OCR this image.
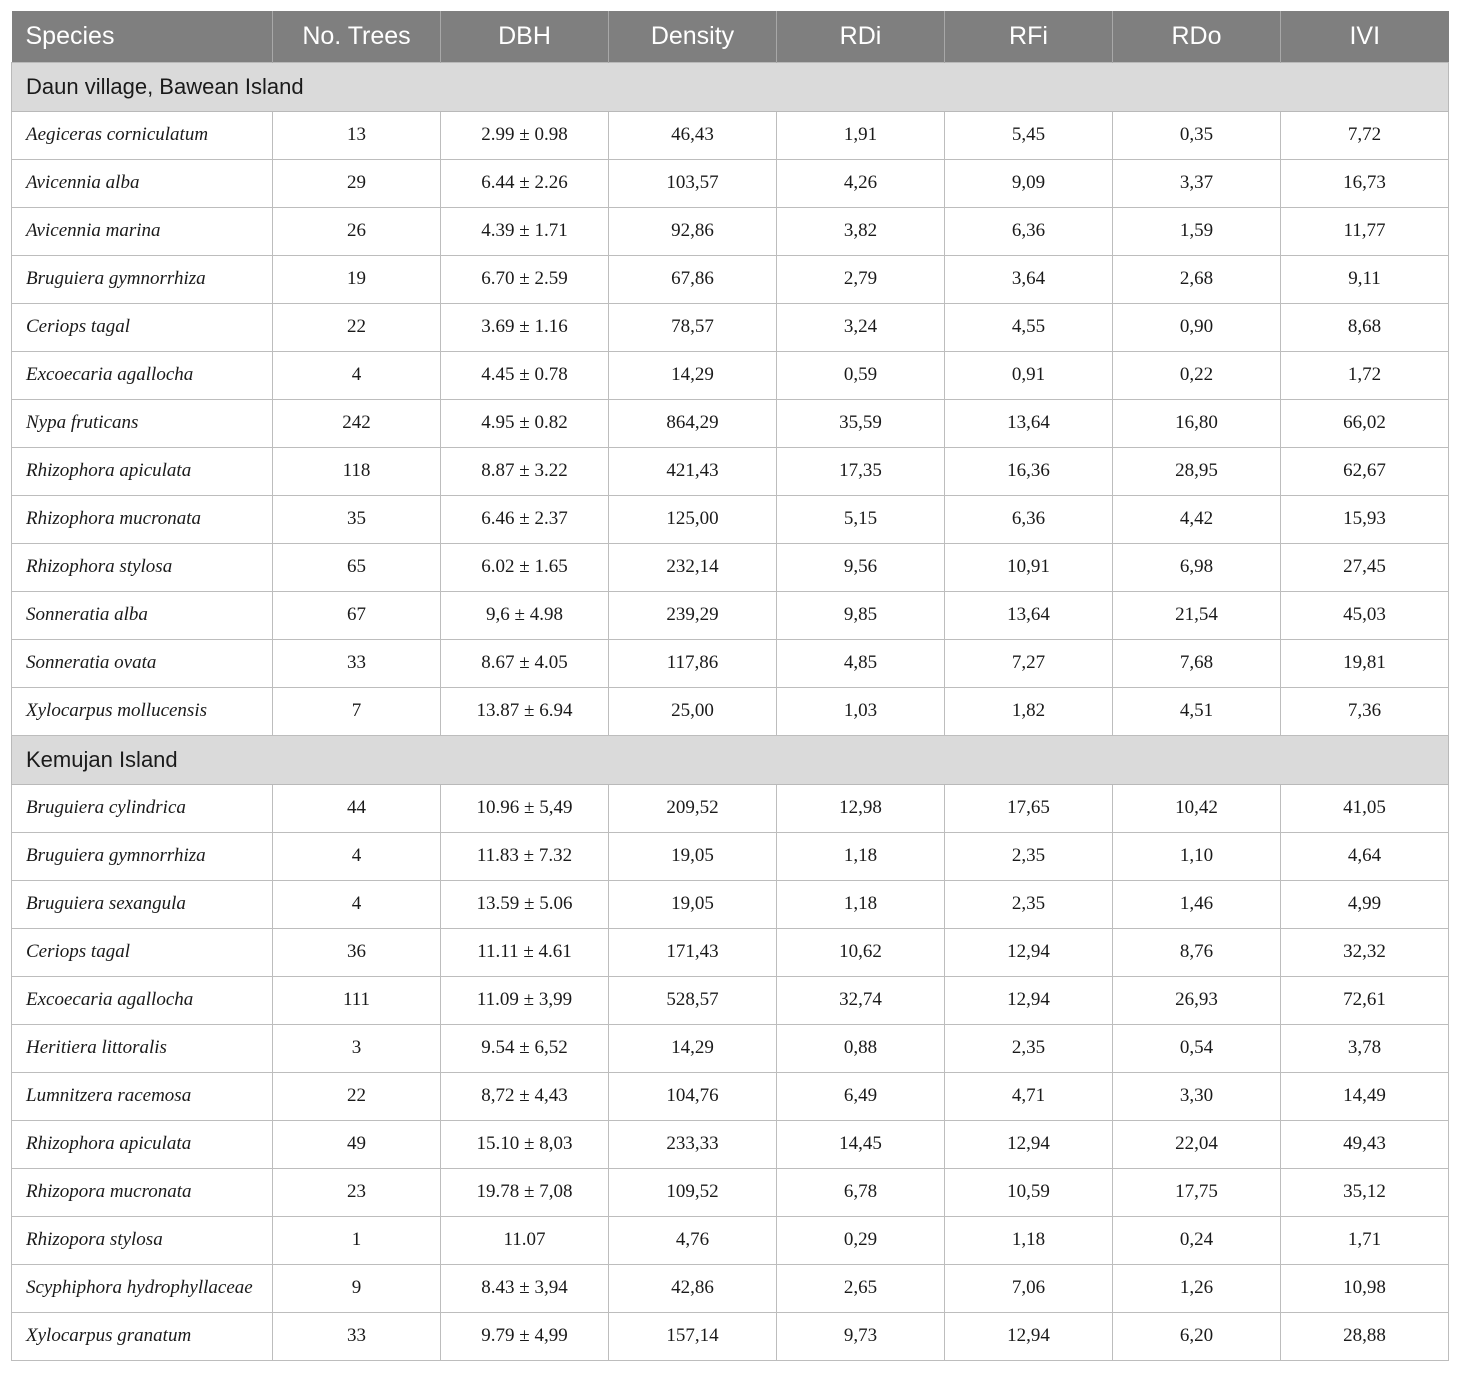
Species	No. Trees	DBH	Density	RDi	RFi	RDo	IVI
Daun village, Bawean Island							
Aegiceras corniculatum	13	2.99 ± 0.98	46,43	1,91	5,45	0,35	7,72
Avicennia alba	29	6.44 ± 2.26	103,57	4,26	9,09	3,37	16,73
Avicennia marina	26	4.39 ± 1.71	92,86	3,82	6,36	1,59	11,77
Bruguiera gymnorrhiza	19	6.70 ± 2.59	67,86	2,79	3,64	2,68	9,11
Ceriops tagal	22	3.69 ± 1.16	78,57	3,24	4,55	0,90	8,68
Excoecaria agallocha	4	4.45 ± 0.78	14,29	0,59	0,91	0,22	1,72
Nypa fruticans	242	4.95 ± 0.82	864,29	35,59	13,64	16,80	66,02
Rhizophora apiculata	118	8.87 ± 3.22	421,43	17,35	16,36	28,95	62,67
Rhizophora mucronata	35	6.46 ± 2.37	125,00	5,15	6,36	4,42	15,93
Rhizophora stylosa	65	6.02 ± 1.65	232,14	9,56	10,91	6,98	27,45
Sonneratia alba	67	9,6 ± 4.98	239,29	9,85	13,64	21,54	45,03
Sonneratia ovata	33	8.67 ± 4.05	117,86	4,85	7,27	7,68	19,81
Xylocarpus mollucensis	7	13.87 ± 6.94	25,00	1,03	1,82	4,51	7,36
Kemujan Island							
Bruguiera cylindrica	44	10.96 ± 5,49	209,52	12,98	17,65	10,42	41,05
Bruguiera gymnorrhiza	4	11.83 ± 7.32	19,05	1,18	2,35	1,10	4,64
Bruguiera sexangula	4	13.59 ± 5.06	19,05	1,18	2,35	1,46	4,99
Ceriops tagal	36	11.11 ± 4.61	171,43	10,62	12,94	8,76	32,32
Excoecaria agallocha	111	11.09 ± 3,99	528,57	32,74	12,94	26,93	72,61
Heritiera littoralis	3	9.54 ± 6,52	14,29	0,88	2,35	0,54	3,78
Lumnitzera racemosa	22	8,72 ± 4,43	104,76	6,49	4,71	3,30	14,49
Rhizophora apiculata	49	15.10 ± 8,03	233,33	14,45	12,94	22,04	49,43
Rhizopora mucronata	23	19.78 ± 7,08	109,52	6,78	10,59	17,75	35,12
Rhizopora stylosa	1	11.07	4,76	0,29	1,18	0,24	1,71
Scyphiphora hydrophyllaceae	9	8.43 ± 3,94	42,86	2,65	7,06	1,26	10,98
Xylocarpus granatum	33	9.79 ± 4,99	157,14	9,73	12,94	6,20	28,88
